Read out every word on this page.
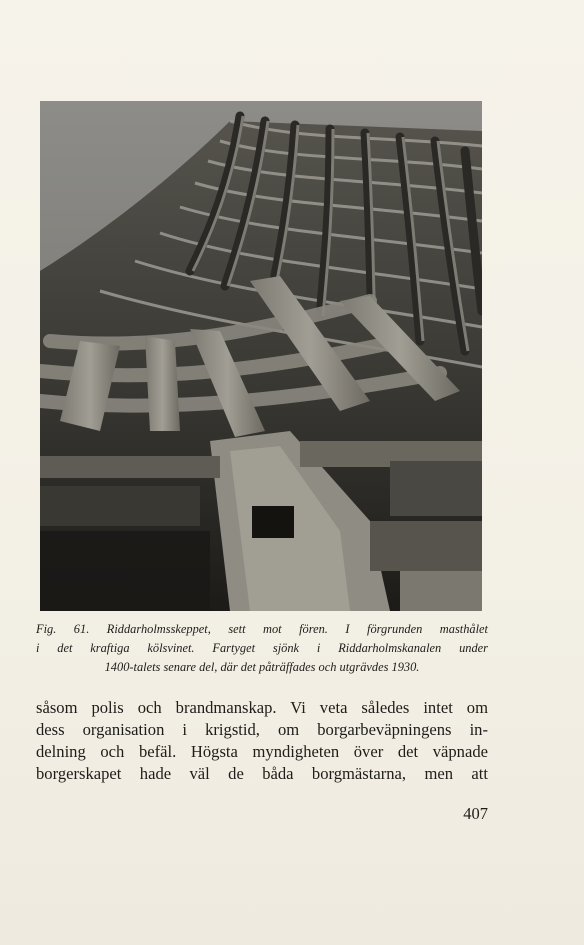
Fig. 61. Riddarholmsskeppet, sett mot fören. I förgrunden masthålet
i det kraftiga kölsvinet. Fartyget sjönk i Riddarholmskanalen under
1400-talets senare del, där det påträffades och utgrävdes 1930.

såsom polis och brandmanskap. Vi veta således intet om
dess organisation i krigstid, om borgarbeväpningens in-
delning och befäl. Högsta myndigheten över det väpnade
borgerskapet hade väl de båda borgmästarna, men att

407
